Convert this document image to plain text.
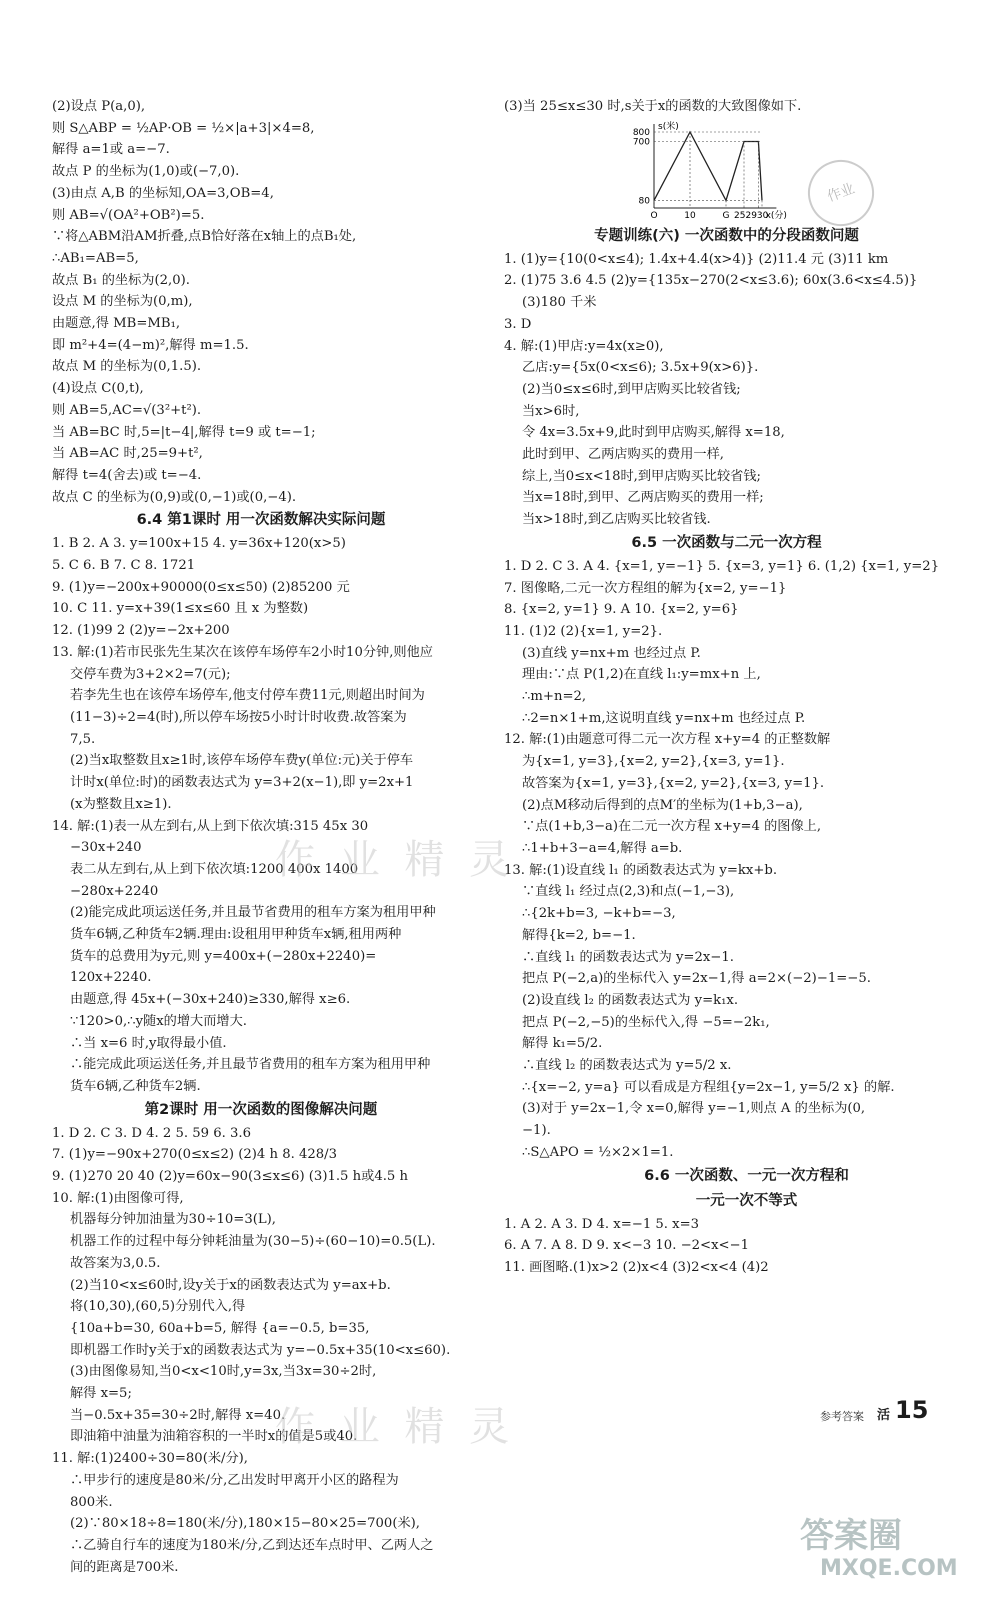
(2)设点 P(a,0),
则 S△ABP = ½AP·OB = ½×|a+3|×4=8,
解得 a=1或 a=−7.
故点 P 的坐标为(1,0)或(−7,0).
(3)由点 A,B 的坐标知,OA=3,OB=4,
则 AB=√(OA²+OB²)=5.
∵将△ABM沿AM折叠,点B恰好落在x轴上的点B₁处,
∴AB₁=AB=5,
故点 B₁ 的坐标为(2,0).
设点 M 的坐标为(0,m),
由题意,得 MB=MB₁,
即 m²+4=(4−m)²,解得 m=1.5.
故点 M 的坐标为(0,1.5).
(4)设点 C(0,t),
则 AB=5,AC=√(3²+t²).
当 AB=BC 时,5=|t−4|,解得 t=9 或 t=−1;
当 AB=AC 时,25=9+t²,
解得 t=4(舍去)或 t=−4.
故点 C 的坐标为(0,9)或(0,−1)或(0,−4).
6.4 第1课时 用一次函数解决实际问题
1. B 2. A 3. y=100x+15 4. y=36x+120(x>5)
5. C 6. B 7. C 8. 1721
9. (1)y=−200x+90000(0≤x≤50) (2)85200 元
10. C 11. y=x+39(1≤x≤60 且 x 为整数)
12. (1)99 2 (2)y=−2x+200
13. 解:(1)若市民张先生某次在该停车场停车2小时10分钟,则他应
交停车费为3+2×2=7(元);
若李先生也在该停车场停车,他支付停车费11元,则超出时间为
(11−3)÷2=4(时),所以停车场按5小时计时收费.故答案为
7,5.
(2)当x取整数且x≥1时,该停车场停车费y(单位:元)关于停车
计时x(单位:时)的函数表达式为 y=3+2(x−1),即 y=2x+1
(x为整数且x≥1).
14. 解:(1)表一从左到右,从上到下依次填:315 45x 30
−30x+240
表二从左到右,从上到下依次填:1200 400x 1400
−280x+2240
(2)能完成此项运送任务,并且最节省费用的租车方案为租用甲种
货车6辆,乙种货车2辆.理由:设租用甲种货车x辆,租用两种
货车的总费用为y元,则 y=400x+(−280x+2240)=
120x+2240.
由题意,得 45x+(−30x+240)≥330,解得 x≥6.
∵120>0,∴y随x的增大而增大.
∴当 x=6 时,y取得最小值.
∴能完成此项运送任务,并且最节省费用的租车方案为租用甲种
货车6辆,乙种货车2辆.
第2课时 用一次函数的图像解决问题
1. D 2. C 3. D 4. 2 5. 59 6. 3.6
7. (1)y=−90x+270(0≤x≤2) (2)4 h 8. 428/3
9. (1)270 20 40 (2)y=60x−90(3≤x≤6) (3)1.5 h或4.5 h
10. 解:(1)由图像可得,
机器每分钟加油量为30÷10=3(L),
机器工作的过程中每分钟耗油量为(30−5)÷(60−10)=0.5(L).
故答案为3,0.5.
(2)当10<x≤60时,设y关于x的函数表达式为 y=ax+b.
将(10,30),(60,5)分别代入,得
{10a+b=30, 60a+b=5, 解得 {a=−0.5, b=35,
即机器工作时y关于x的函数表达式为 y=−0.5x+35(10<x≤60).
(3)由图像易知,当0<x<10时,y=3x,当3x=30÷2时,
解得 x=5;
当−0.5x+35=30÷2时,解得 x=40.
即油箱中油量为油箱容积的一半时x的值是5或40.
11. 解:(1)2400÷30=80(米/分),
∴甲步行的速度是80米/分,乙出发时甲离开小区的路程为
800米.
(2)∵80×18÷8=180(米/分),180×15−80×25=700(米),
∴乙骑自行车的速度为180米/分,乙到达还车点时甲、乙两人之
间的距离是700米.
(3)当 25≤x≤30 时,s关于x的函数的大致图像如下.
800
700
80
O	10	G 252930
s(米)
x(分)
专题训练(六) 一次函数中的分段函数问题
1. (1)y={10(0<x≤4); 1.4x+4.4(x>4)} (2)11.4 元 (3)11 km
2. (1)75 3.6 4.5 (2)y={135x−270(2<x≤3.6); 60x(3.6<x≤4.5)}
(3)180 千米
3. D
4. 解:(1)甲店:y=4x(x≥0),
乙店:y={5x(0<x≤6); 3.5x+9(x>6)}.
(2)当0≤x≤6时,到甲店购买比较省钱;
当x>6时,
令 4x=3.5x+9,此时到甲店购买,解得 x=18,
此时到甲、乙两店购买的费用一样,
综上,当0≤x<18时,到甲店购买比较省钱;
当x=18时,到甲、乙两店购买的费用一样;
当x>18时,到乙店购买比较省钱.
6.5 一次函数与二元一次方程
1. D 2. C 3. A 4. {x=1, y=−1} 5. {x=3, y=1} 6. (1,2) {x=1, y=2}
7. 图像略,二元一次方程组的解为{x=2, y=−1}
8. {x=2, y=1} 9. A 10. {x=2, y=6}
11. (1)2 (2){x=1, y=2}.
(3)直线 y=nx+m 也经过点 P.
理由:∵点 P(1,2)在直线 l₁:y=mx+n 上,
∴m+n=2,
∴2=n×1+m,这说明直线 y=nx+m 也经过点 P.
12. 解:(1)由题意可得二元一次方程 x+y=4 的正整数解
为{x=1, y=3},{x=2, y=2},{x=3, y=1}.
故答案为{x=1, y=3},{x=2, y=2},{x=3, y=1}.
(2)点M移动后得到的点M′的坐标为(1+b,3−a),
∵点(1+b,3−a)在二元一次方程 x+y=4 的图像上,
∴1+b+3−a=4,解得 a=b.
13. 解:(1)设直线 l₁ 的函数表达式为 y=kx+b.
∵直线 l₁ 经过点(2,3)和点(−1,−3),
∴{2k+b=3, −k+b=−3,
解得{k=2, b=−1.
∴直线 l₁ 的函数表达式为 y=2x−1.
把点 P(−2,a)的坐标代入 y=2x−1,得 a=2×(−2)−1=−5.
(2)设直线 l₂ 的函数表达式为 y=k₁x.
把点 P(−2,−5)的坐标代入,得 −5=−2k₁,
解得 k₁=5/2.
∴直线 l₂ 的函数表达式为 y=5/2 x.
∴{x=−2, y=a} 可以看成是方程组{y=2x−1, y=5/2 x} 的解.
(3)对于 y=2x−1,令 x=0,解得 y=−1,则点 A 的坐标为(0,
−1).
∴S△APO = ½×2×1=1.
6.6 一次函数、一元一次方程和
一元一次不等式
1. A 2. A 3. D 4. x=−1 5. x=3
6. A 7. A 8. D 9. x<−3 10. −2<x<−1
11. 画图略.(1)x>2 (2)x<4 (3)2<x<4 (4)2
作 业 精 灵
作 业 精 灵
作业
参考答案 活 15
答案圈
MXQE.COM
